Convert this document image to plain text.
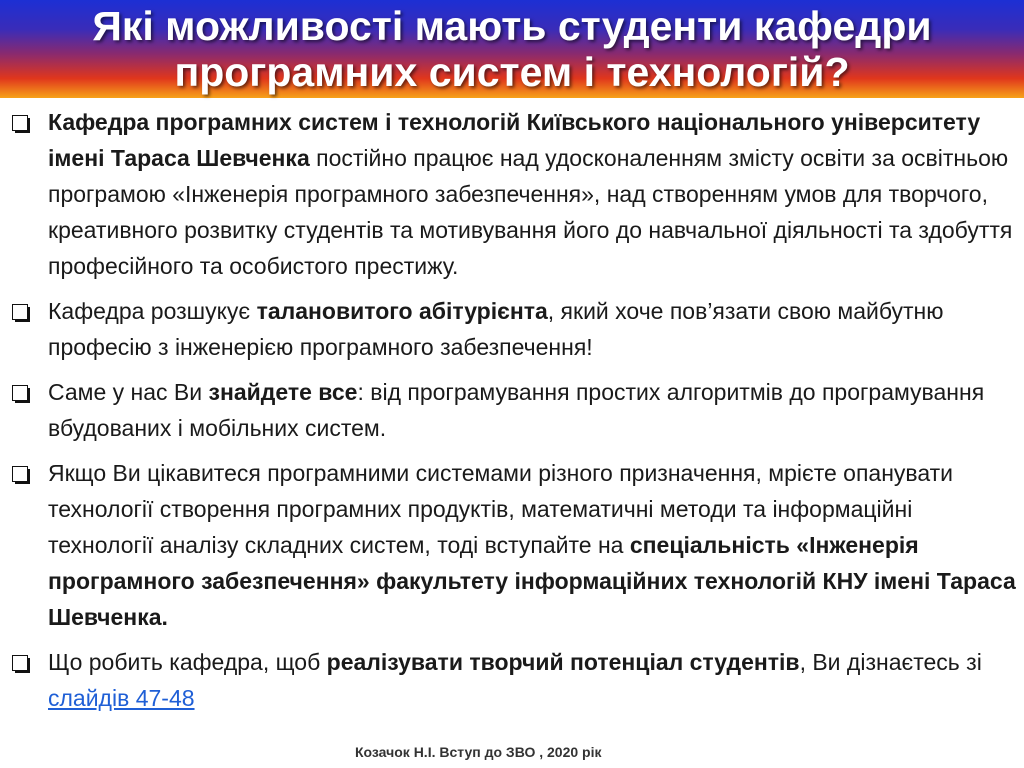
Які можливості мають студенти кафедри
програмних систем і технологій?
Кафедра програмних систем і технологій Київського національного університету імені Тараса Шевченка постійно працює над удосконаленням змісту освіти за освітньою програмою «Інженерія програмного забезпечення», над створенням умов для творчого, креативного розвитку студентів та мотивування його до навчальної діяльності та здобуття професійного та особистого престижу.
Кафедра розшукує талановитого абітурієнта, який хоче пов’язати свою майбутню професію з інженерією програмного забезпечення!
Саме у нас Ви знайдете все: від програмування простих алгоритмів до програмування вбудованих і мобільних систем.
Якщо Ви цікавитеся програмними системами різного призначення, мрієте опанувати технології створення програмних продуктів, математичні методи та інформаційні технології аналізу складних систем, тоді вступайте на спеціальність «Інженерія програмного забезпечення» факультету інформаційних технологій КНУ імені Тараса Шевченка.
Що робить кафедра, щоб реалізувати творчий потенціал студентів, Ви дізнаєтесь зі слайдів 47-48
Козачок Н.І. Вступ до ЗВО , 2020 рік
